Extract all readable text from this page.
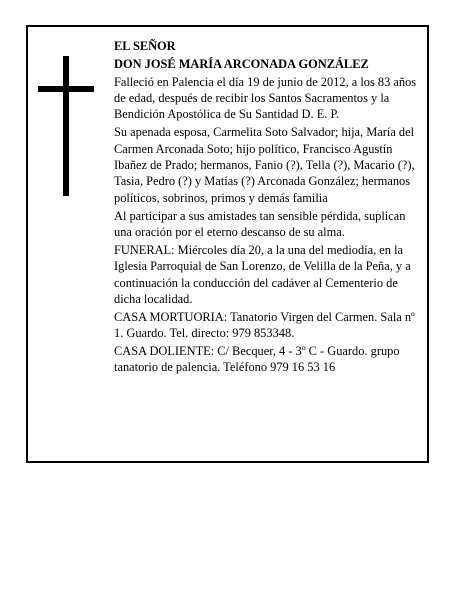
EL SEÑOR

DON JOSÉ MARÍA ARCONADA GONZÁLEZ

Falleció en Palencia el día 19 de junio de 2012, a los 83 años de edad, después de recibir los Santos Sacramentos y la Bendición Apostólica de Su Santidad D. E. P.

Su apenada esposa, Carmelita Soto Salvador; hija, María del Carmen Arconada Soto; hijo político, Francisco Agustín Ibañez de Prado; hermanos, Fanio (?), Tella (?), Macario (?), Tasia, Pedro (?) y Matías (?) Arconada González; hermanos políticos, sobrinos, primos y demás familia

Al participar a sus amistades tan sensible pérdida, suplican una oración por el eterno descanso de su alma.

FUNERAL: Miércoles día 20, a la una del mediodía, en la Iglesia Parroquial de San Lorenzo, de Velilla de la Peña, y a continuación la conducción del cadáver al Cementerio de dicha localidad.

CASA MORTUORIA: Tanatorio Virgen del Carmen. Sala nº 1. Guardo. Tel. directo: 979 853348.

CASA DOLIENTE: C/ Becquer, 4 - 3º C - Guardo. grupo tanatorio de palencia. Teléfono 979 16 53 16
